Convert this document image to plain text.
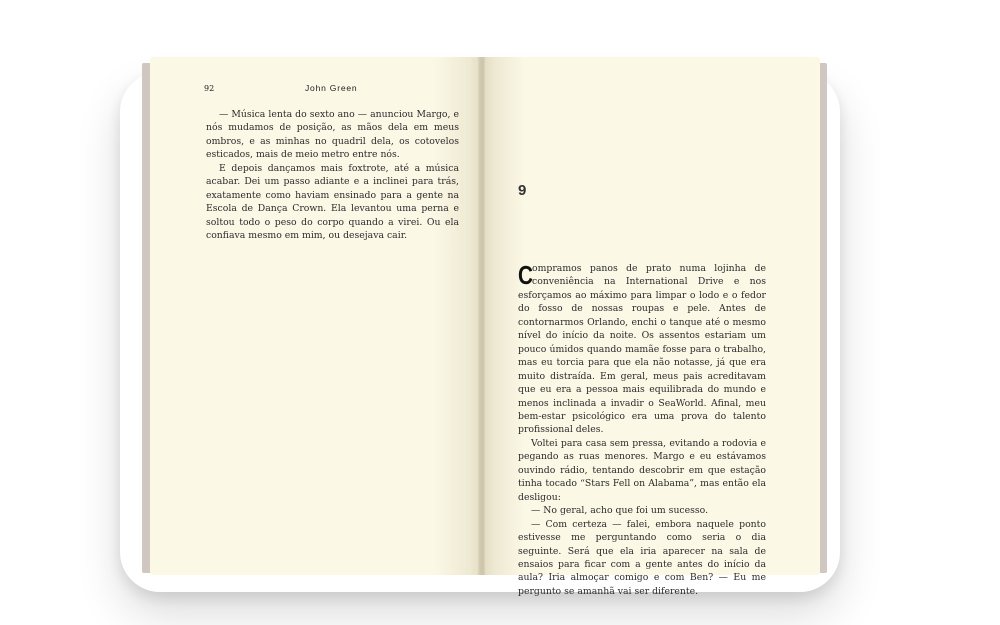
92	John Green

— Música lenta do sexto ano — anunciou Margo, e nós mudamos de posição, as mãos dela em meus ombros, e as minhas no quadril dela, os cotovelos esticados, mais de meio metro entre nós.

E depois dançamos mais foxtrote, até a música acabar. Dei um passo adiante e a inclinei para trás, exatamente como haviam ensinado para a gente na Escola de Dança Crown. Ela levantou uma perna e soltou todo o peso do corpo quando a virei. Ou ela confiava mesmo em mim, ou desejava cair.

9

C
ompramos panos de prato numa lojinha de conveniência na International Drive e nos esforçamos ao máximo para limpar o lodo e o fedor do fosso de nossas roupas e pele. Antes de contornarmos Orlando, enchi o tanque até o mesmo nível do início da noite. Os assentos estariam um pouco úmidos quando mamãe fosse para o trabalho, mas eu torcia para que ela não notasse, já que era muito distraída. Em geral, meus pais acreditavam que eu era a pessoa mais equilibrada do mundo e menos inclinada a invadir o SeaWorld. Afinal, meu bem-estar psicológico era uma prova do talento profissional deles.

Voltei para casa sem pressa, evitando a rodovia e pegando as ruas menores. Margo e eu estávamos ouvindo rádio, tentando descobrir em que estação tinha tocado “Stars Fell on Alabama”, mas então ela desligou:

— No geral, acho que foi um sucesso.

— Com certeza — falei, embora naquele ponto estivesse me perguntando como seria o dia seguinte. Será que ela iria aparecer na sala de ensaios para ficar com a gente antes do início da aula? Iria almoçar comigo e com Ben? — Eu me pergunto se amanhã vai ser diferente.
